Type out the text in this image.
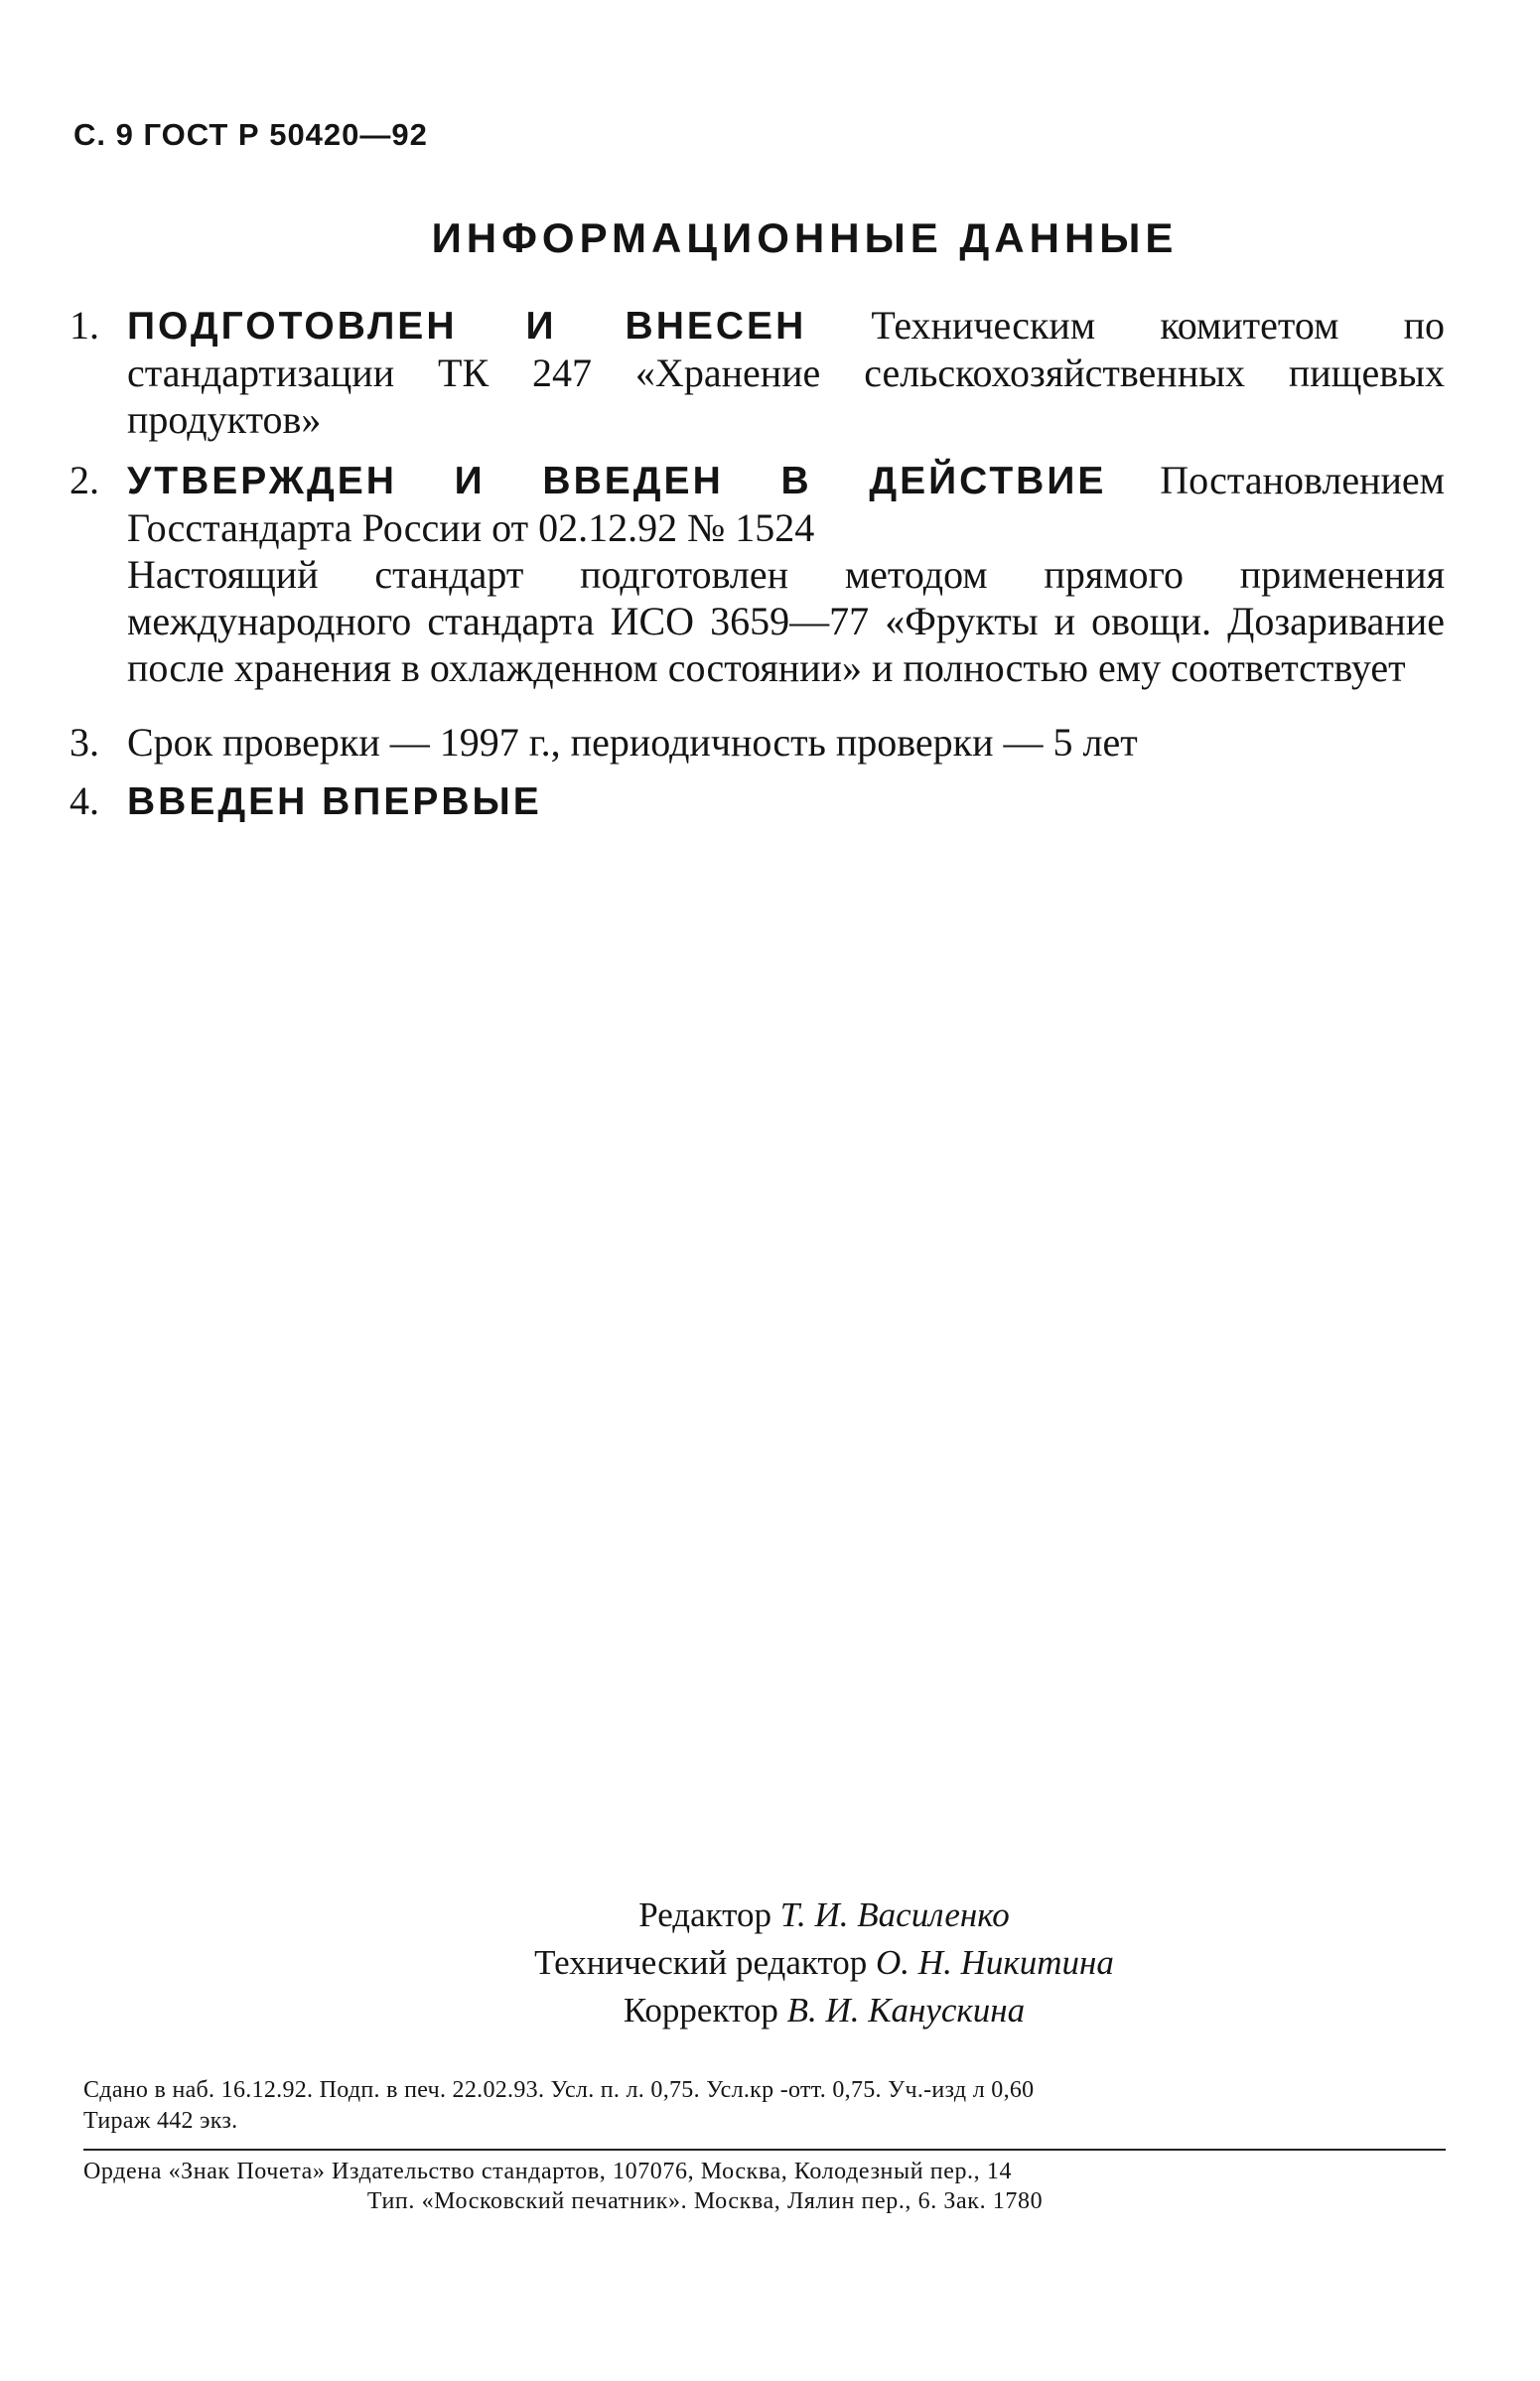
С. 9 ГОСТ Р 50420—92
ИНФОРМАЦИОННЫЕ ДАННЫЕ
1. ПОДГОТОВЛЕН И ВНЕСЕН Техническим комитетом по стандартизации ТК 247 «Хранение сельскохозяйственных пищевых продуктов»
2. УТВЕРЖДЕН И ВВЕДЕН В ДЕЙСТВИЕ Постановлением Госстандарта России от 02.12.92 № 1524
Настоящий стандарт подготовлен методом прямого применения международного стандарта ИСО 3659—77 «Фрукты и овощи. Дозаривание после хранения в охлажденном состоянии» и полностью ему соответствует
3. Срок проверки — 1997 г., периодичность проверки — 5 лет
4. ВВЕДЕН ВПЕРВЫЕ
Редактор Т. И. Василенко
Технический редактор О. Н. Никитина
Корректор В. И. Канускина
Сдано в наб. 16.12.92. Подп. в печ. 22.02.93. Усл. п. л. 0,75. Усл.кр -отт. 0,75. Уч.-изд л 0,60
Тираж 442 экз.
Ордена «Знак Почета» Издательство стандартов, 107076, Москва, Колодезный пер., 14
Тип. «Московский печатник». Москва, Лялин пер., 6. Зак. 1780
